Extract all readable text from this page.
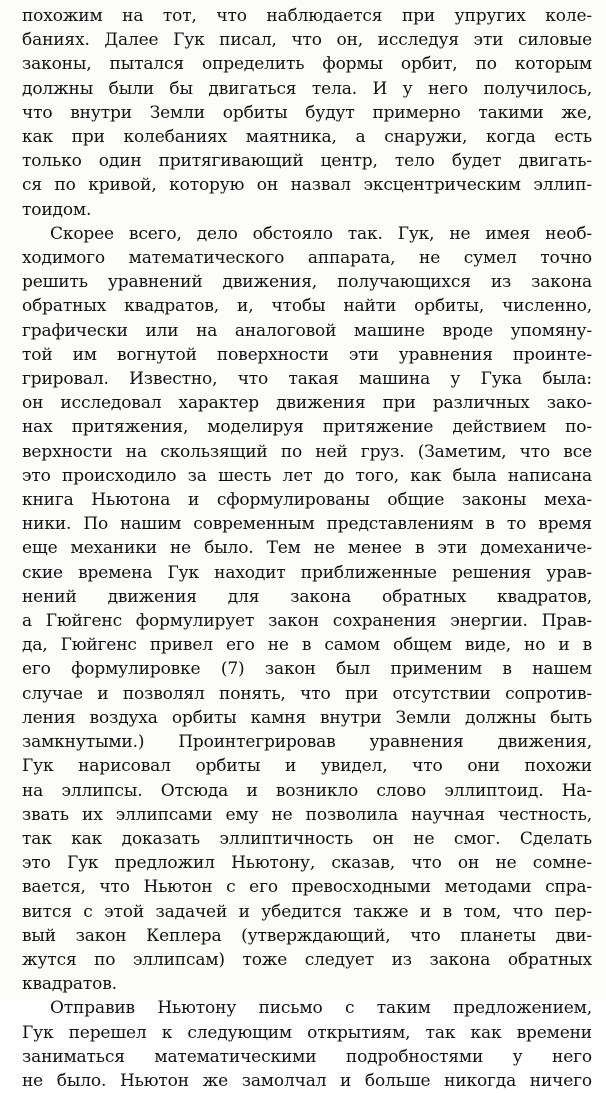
похожим на тот, что наблюдается при упругих коле-
баниях. Далее Гук писал, что он, исследуя эти силовые
законы, пытался определить формы орбит, по которым
должны были бы двигаться тела. И у него получилось,
что внутри Земли орбиты будут примерно такими же,
как при колебаниях маятника, а снаружи, когда есть
только один притягивающий центр, тело будет двигать-
ся по кривой, которую он назвал эксцентрическим эллип-
тоидом.

Скорее всего, дело обстояло так. Гук, не имея необ-
ходимого математического аппарата, не сумел точно
решить уравнений движения, получающихся из закона
обратных квадратов, и, чтобы найти орбиты, численно,
графически или на аналоговой машине вроде упомяну-
той им вогнутой поверхности эти уравнения проинте-
грировал. Известно, что такая машина у Гука была:
он исследовал характер движения при различных зако-
нах притяжения, моделируя притяжение действием по-
верхности на скользящий по ней груз. (Заметим, что все
это происходило за шесть лет до того, как была написана
книга Ньютона и сформулированы общие законы меха-
ники. По нашим современным представлениям в то время
еще механики не было. Тем не менее в эти домеханиче-
ские времена Гук находит приближенные решения урав-
нений движения для закона обратных квадратов,
а Гюйгенс формулирует закон сохранения энергии. Прав-
да, Гюйгенс привел его не в самом общем виде, но и в
его формулировке (7) закон был применим в нашем
случае и позволял понять, что при отсутствии сопротив-
ления воздуха орбиты камня внутри Земли должны быть
замкнутыми.) Проинтегрировав уравнения движения,
Гук нарисовал орбиты и увидел, что они похожи
на эллипсы. Отсюда и возникло слово эллиптоид. На-
звать их эллипсами ему не позволила научная честность,
так как доказать эллиптичность он не смог. Сделать
это Гук предложил Ньютону, сказав, что он не сомне-
вается, что Ньютон с его превосходными методами спра-
вится с этой задачей и убедится также и в том, что пер-
вый закон Кеплера (утверждающий, что планеты дви-
жутся по эллипсам) тоже следует из закона обратных
квадратов.

Отправив Ньютону письмо с таким предложением,
Гук перешел к следующим открытиям, так как времени
заниматься математическими подробностями у него
не было. Ньютон же замолчал и больше никогда ничего
